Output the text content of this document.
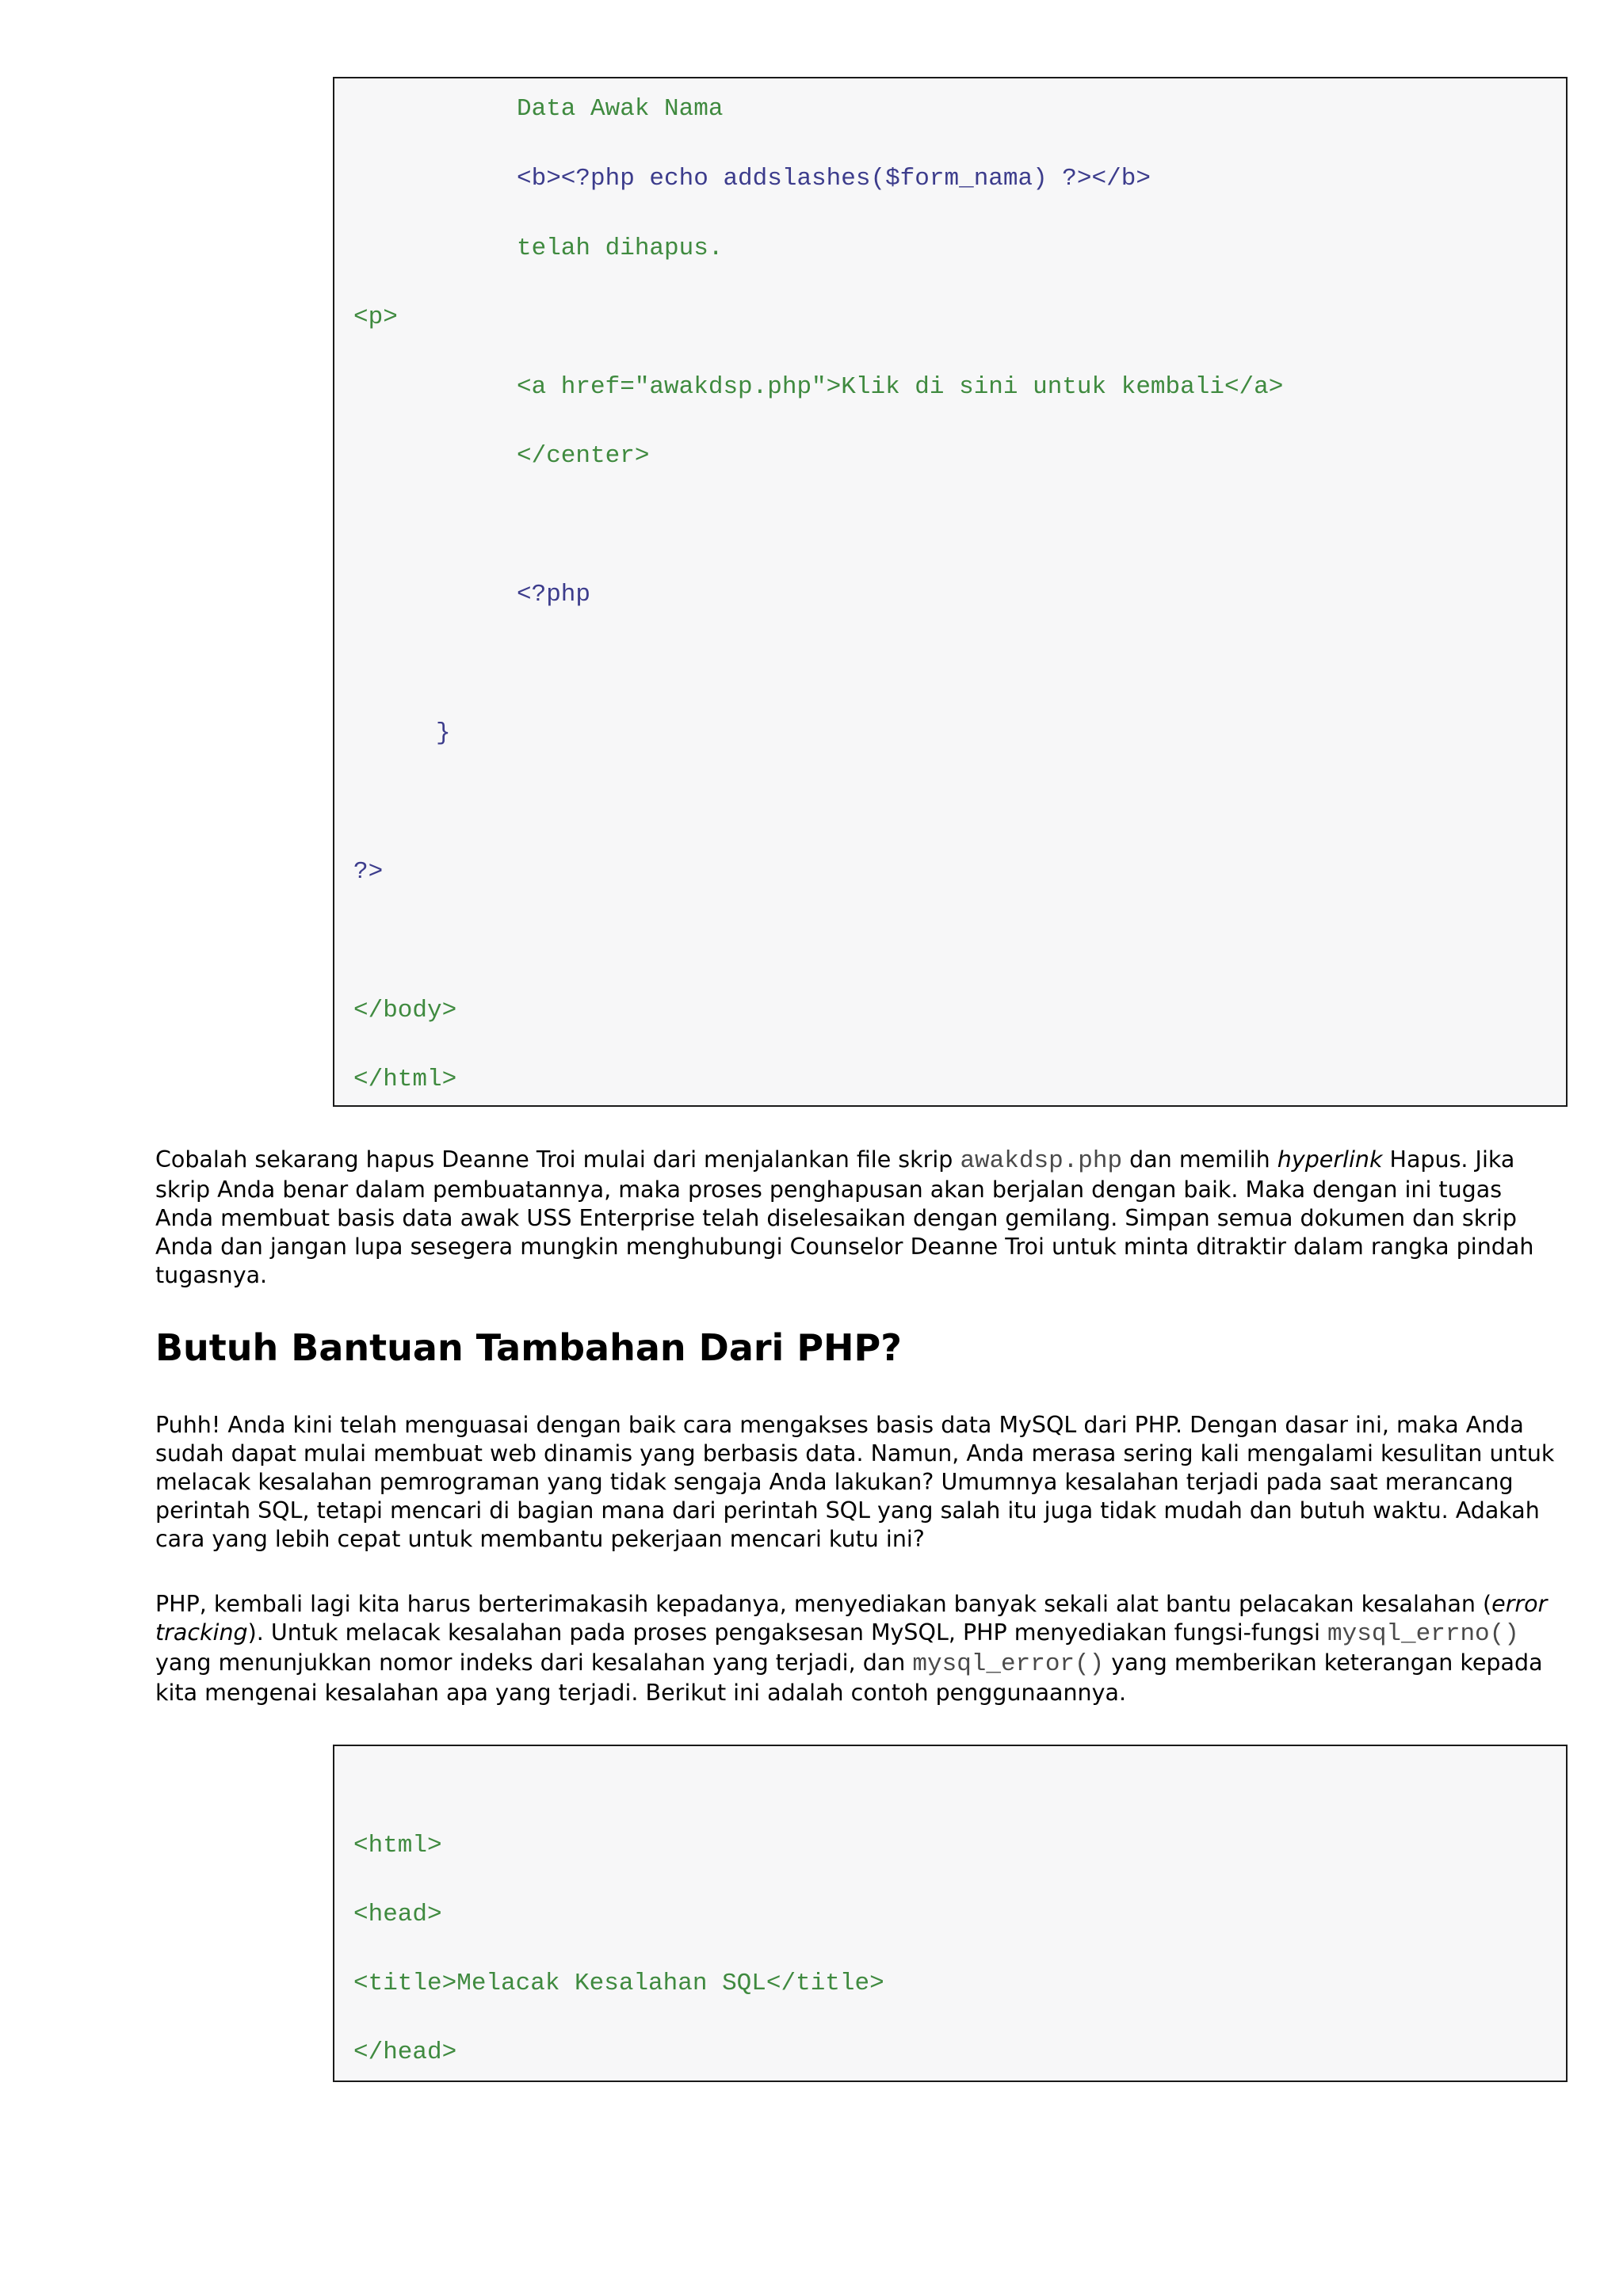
Data Awak Nama
<b><?php echo addslashes($form_nama) ?></b>
telah dihapus.
<p>
<a href="awakdsp.php">Klik di sini untuk kembali</a>
</center>
<?php
}
?>
</body>
</html>

Cobalah sekarang hapus Deanne Troi mulai dari menjalankan file skrip awakdsp.php dan memilih hyperlink Hapus. Jika skrip Anda benar dalam pembuatannya, maka proses penghapusan akan berjalan dengan baik. Maka dengan ini tugas Anda membuat basis data awak USS Enterprise telah diselesaikan dengan gemilang. Simpan semua dokumen dan skrip Anda dan jangan lupa sesegera mungkin menghubungi Counselor Deanne Troi untuk minta ditraktir dalam rangka pindah tugasnya.

Butuh Bantuan Tambahan Dari PHP?

Puhh! Anda kini telah menguasai dengan baik cara mengakses basis data MySQL dari PHP. Dengan dasar ini, maka Anda sudah dapat mulai membuat web dinamis yang berbasis data. Namun, Anda merasa sering kali mengalami kesulitan untuk melacak kesalahan pemrograman yang tidak sengaja Anda lakukan? Umumnya kesalahan terjadi pada saat merancang perintah SQL, tetapi mencari di bagian mana dari perintah SQL yang salah itu juga tidak mudah dan butuh waktu. Adakah cara yang lebih cepat untuk membantu pekerjaan mencari kutu ini?

PHP, kembali lagi kita harus berterimakasih kepadanya, menyediakan banyak sekali alat bantu pelacakan kesalahan (error tracking). Untuk melacak kesalahan pada proses pengaksesan MySQL, PHP menyediakan fungsi-fungsi mysql_errno() yang menunjukkan nomor indeks dari kesalahan yang terjadi, dan mysql_error() yang memberikan keterangan kepada kita mengenai kesalahan apa yang terjadi. Berikut ini adalah contoh penggunaannya.

<html>
<head>
<title>Melacak Kesalahan SQL</title>
</head>
